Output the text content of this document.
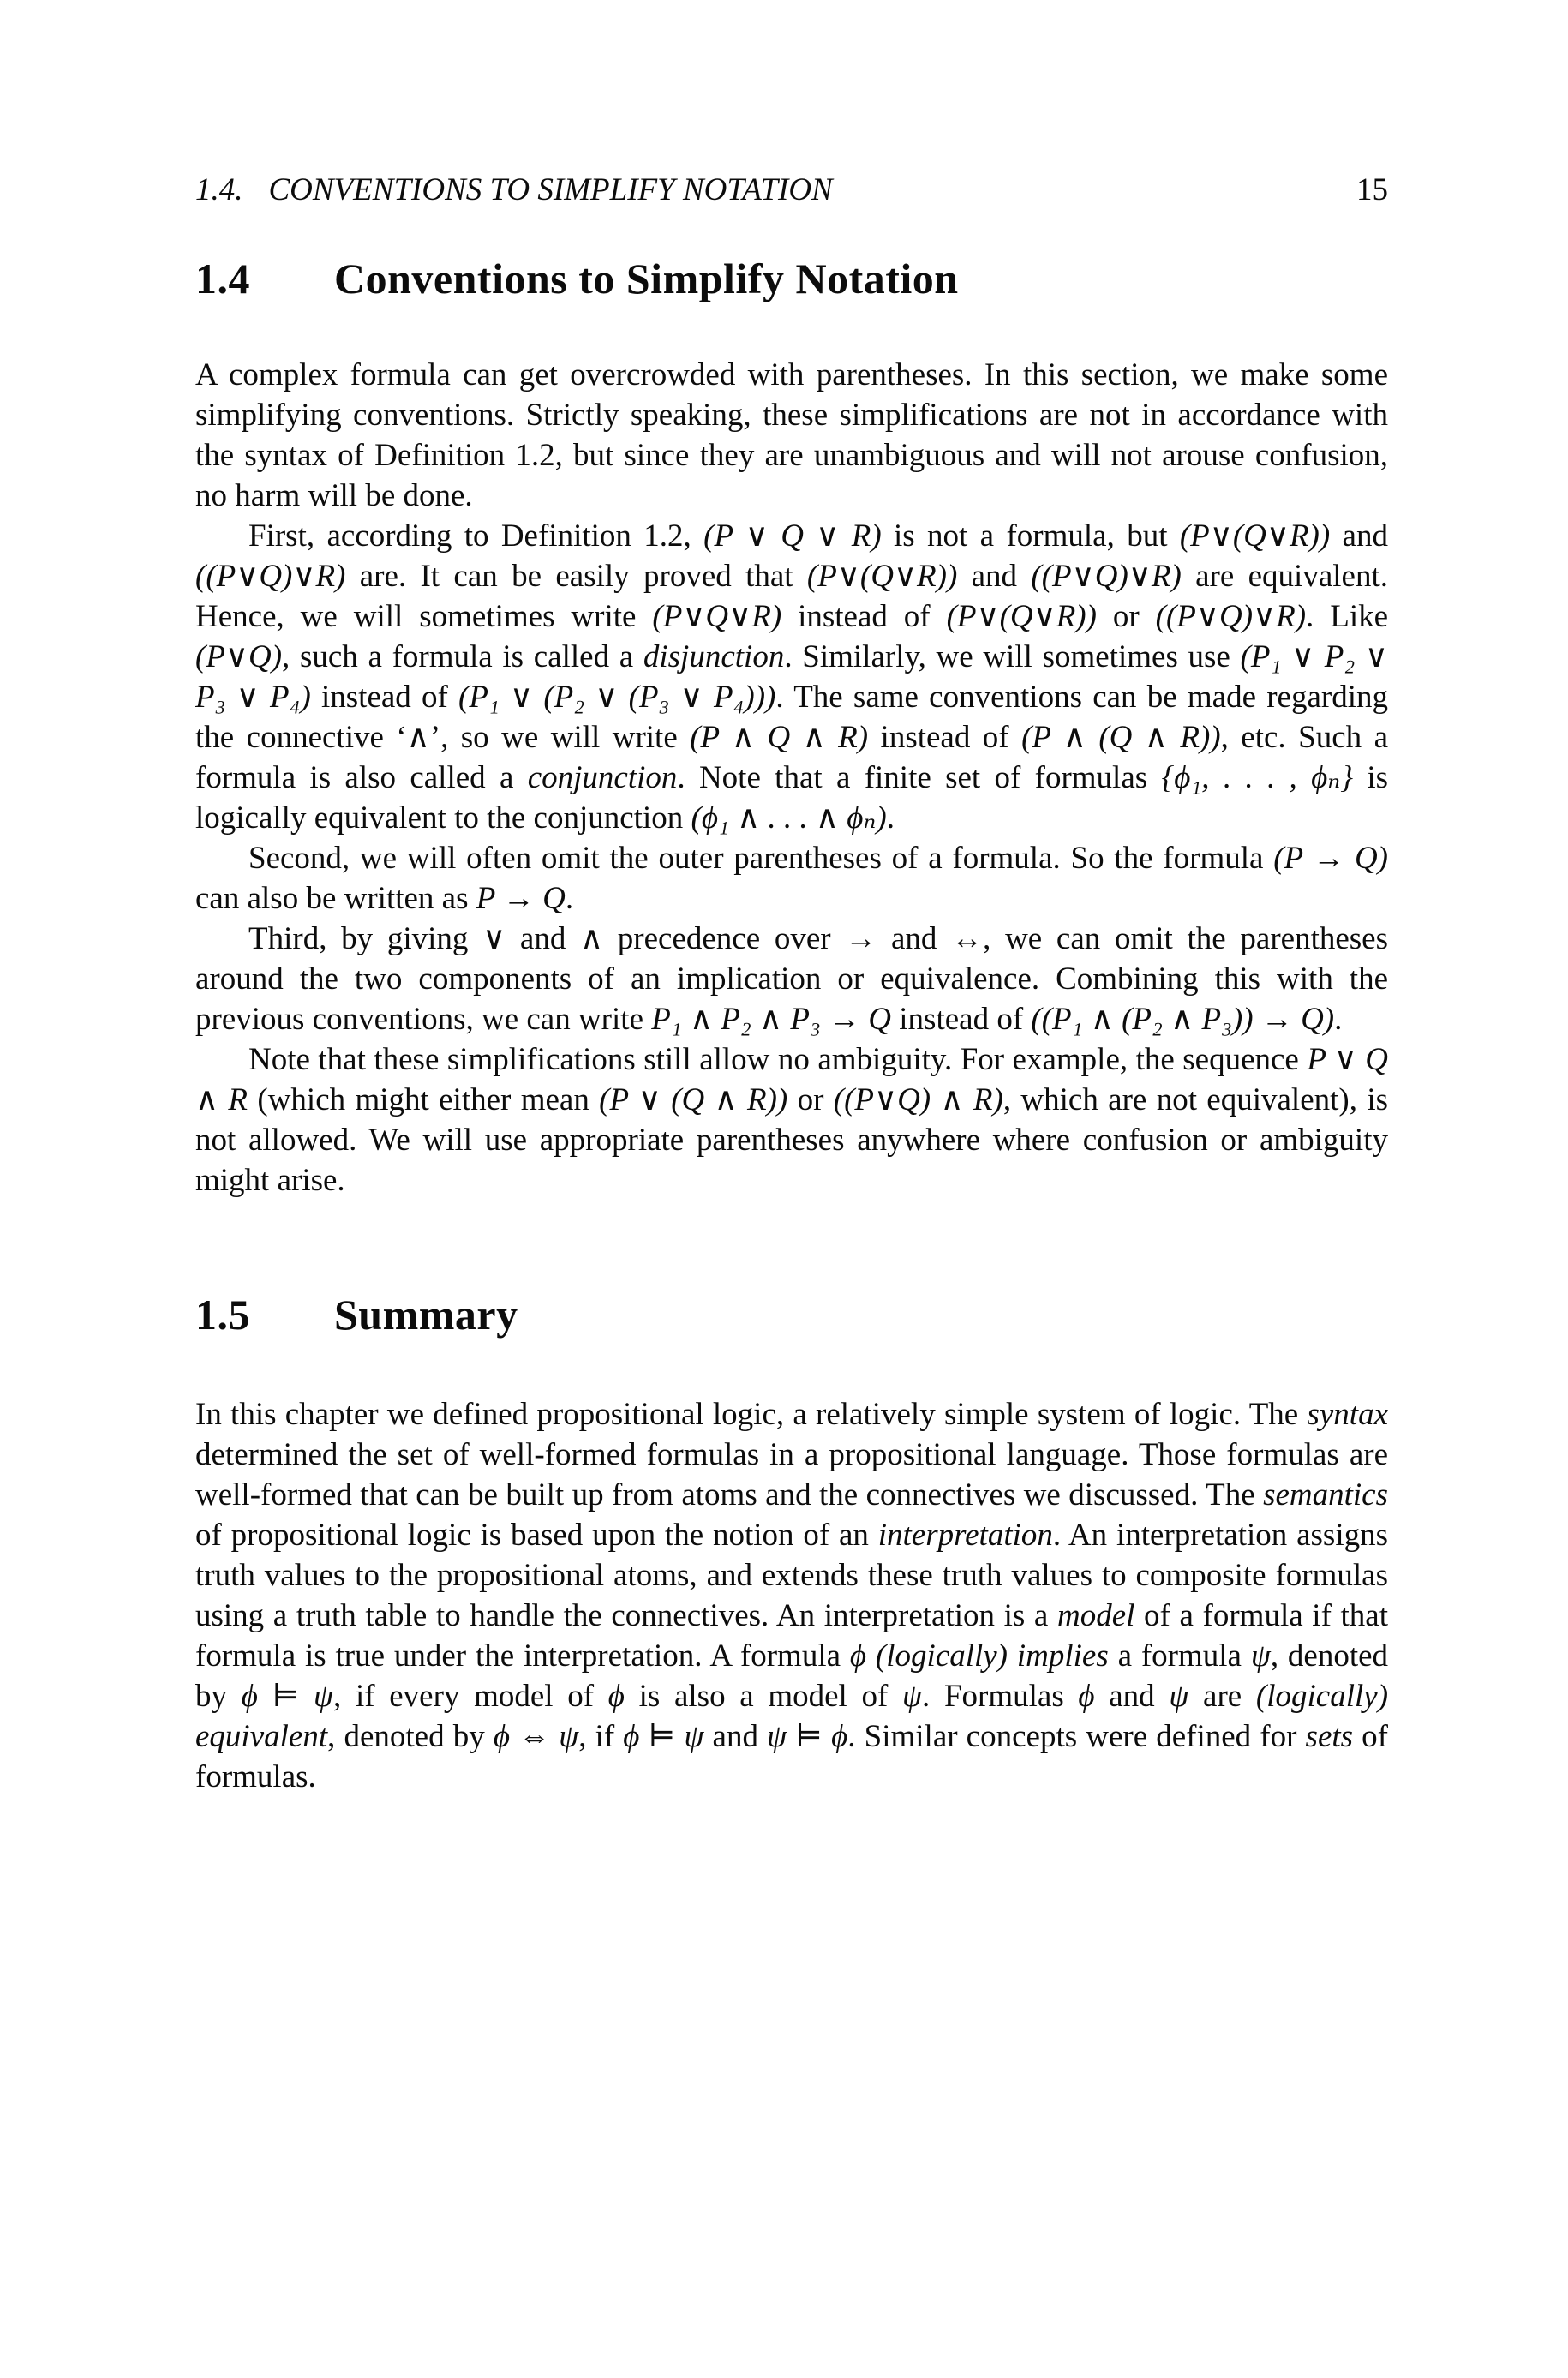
1.4. CONVENTIONS TO SIMPLIFY NOTATION	15
1.4 Conventions to Simplify Notation

A complex formula can get overcrowded with parentheses. In this section, we make some simplifying conventions. Strictly speaking, these simplifications are not in accordance with the syntax of Definition 1.2, but since they are unambiguous and will not arouse confusion, no harm will be done.

First, according to Definition 1.2, (P ∨ Q ∨ R) is not a formula, but (P∨(Q∨R)) and ((P∨Q)∨R) are. It can be easily proved that (P∨(Q∨R)) and ((P∨Q)∨R) are equivalent. Hence, we will sometimes write (P∨Q∨R) instead of (P∨(Q∨R)) or ((P∨Q)∨R). Like (P∨Q), such a formula is called a disjunction. Similarly, we will sometimes use (P₁ ∨ P₂ ∨ P₃ ∨ P₄) instead of (P₁ ∨ (P₂ ∨ (P₃ ∨ P₄))). The same conventions can be made regarding the connective ‘∧’, so we will write (P ∧ Q ∧ R) instead of (P ∧ (Q ∧ R)), etc. Such a formula is also called a conjunction. Note that a finite set of formulas {ϕ₁, . . . , ϕₙ} is logically equivalent to the conjunction (ϕ₁ ∧ . . . ∧ ϕₙ).

Second, we will often omit the outer parentheses of a formula. So the formula (P → Q) can also be written as P → Q.

Third, by giving ∨ and ∧ precedence over → and ↔, we can omit the parentheses around the two components of an implication or equivalence. Combining this with the previous conventions, we can write P₁ ∧ P₂ ∧ P₃ → Q instead of ((P₁ ∧ (P₂ ∧ P₃)) → Q).

Note that these simplifications still allow no ambiguity. For example, the sequence P ∨ Q ∧ R (which might either mean (P ∨ (Q ∧ R)) or ((P∨Q) ∧ R), which are not equivalent), is not allowed. We will use appropriate parentheses anywhere where confusion or ambiguity might arise.

1.5 Summary

In this chapter we defined propositional logic, a relatively simple system of logic. The syntax determined the set of well-formed formulas in a propositional language. Those formulas are well-formed that can be built up from atoms and the connectives we discussed. The semantics of propositional logic is based upon the notion of an interpretation. An interpretation assigns truth values to the propositional atoms, and extends these truth values to composite formulas using a truth table to handle the connectives. An interpretation is a model of a formula if that formula is true under the interpretation. A formula ϕ (logically) implies a formula ψ, denoted by ϕ ⊨ ψ, if every model of ϕ is also a model of ψ. Formulas ϕ and ψ are (logically) equivalent, denoted by ϕ ⇔ ψ, if ϕ ⊨ ψ and ψ ⊨ ϕ. Similar concepts were defined for sets of formulas.
